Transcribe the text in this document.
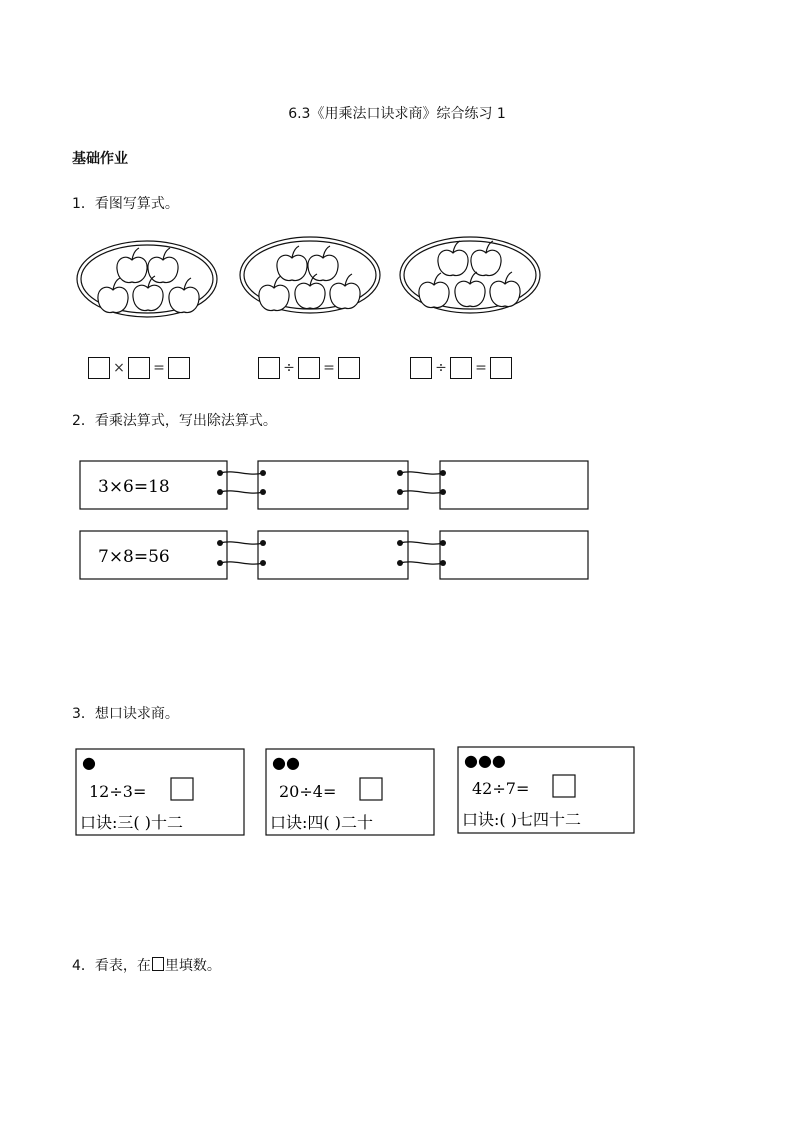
6.3《用乘法口诀求商》综合练习 1
基础作业
1．看图写算式。
× =	÷ =	÷ =
2．看乘法算式，写出除法算式。
3×6=18
7×8=56
3．想口诀求商。
●	●●	●●●
12÷3=	20÷4=	42÷7=
口诀:三( )十二	口诀:四( )二十	口诀:( )七四十二
4．看表，在 里填数。
